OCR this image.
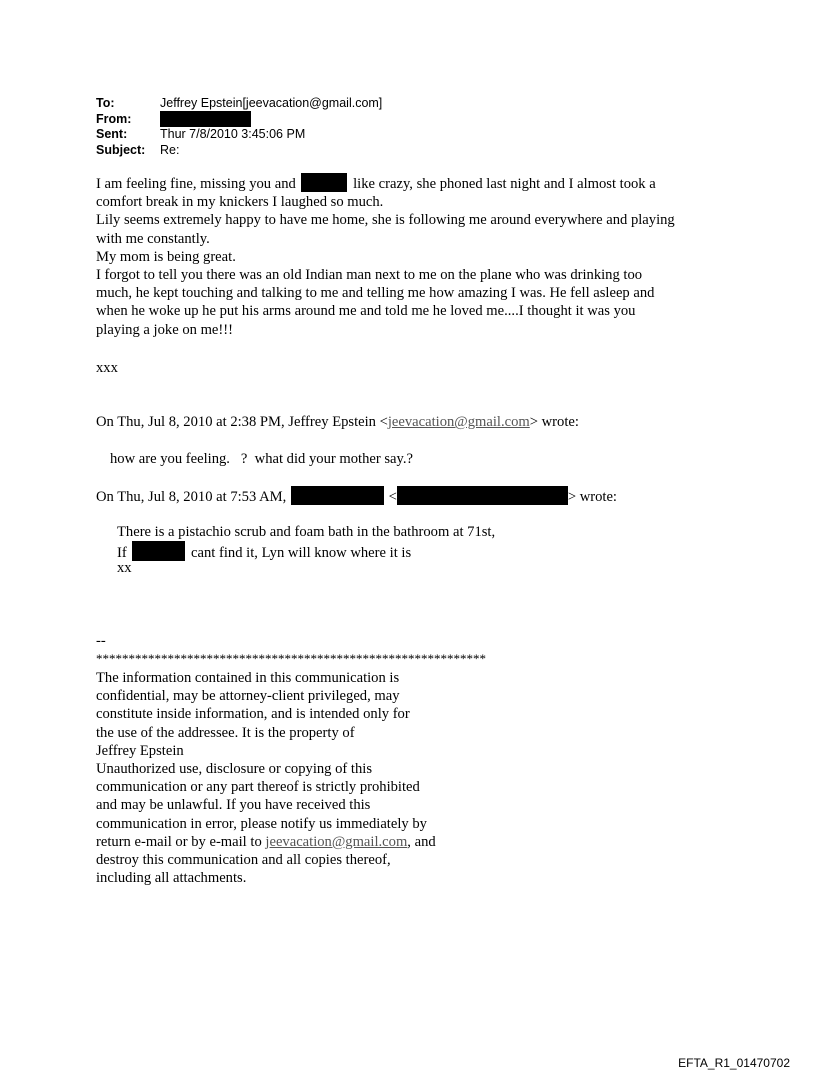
To:	Jeffrey Epstein[jeevacation@gmail.com]
From:
Sent:	Thur 7/8/2010 3:45:06 PM
Subject:	Re:

I am feeling fine, missing you and	like crazy, she phoned last night and I almost took a

comfort break in my knickers I laughed so much.

Lily seems extremely happy to have me home, she is following me around everywhere and playing

with me constantly.

My mom is being great.

I forgot to tell you there was an old Indian man next to me on the plane who was drinking too

much, he kept touching and talking to me and telling me how amazing I was. He fell asleep and

when he woke up he put his arms around me and told me he loved me....I thought it was you

playing a joke on me!!!

xxx
On Thu, Jul 8, 2010 at 2:38 PM, Jeffrey Epstein <jeevacation@gmail.com> wrote:
how are you feeling.   ?  what did your mother say.?
On Thu, Jul 8, 2010 at 7:53 AM,	<	> wrote:
There is a pistachio scrub and foam bath in the bathroom at 71st,
If	cant find it, Lyn will know where it is
xx
--
************************************************************
The information contained in this communication is
confidential, may be attorney-client privileged, may
constitute inside information, and is intended only for
the use of the addressee. It is the property of
Jeffrey Epstein
Unauthorized use, disclosure or copying of this
communication or any part thereof is strictly prohibited
and may be unlawful. If you have received this
communication in error, please notify us immediately by
return e-mail or by e-mail to jeevacation@gmail.com, and
destroy this communication and all copies thereof,
including all attachments.
EFTA_R1_01470702
